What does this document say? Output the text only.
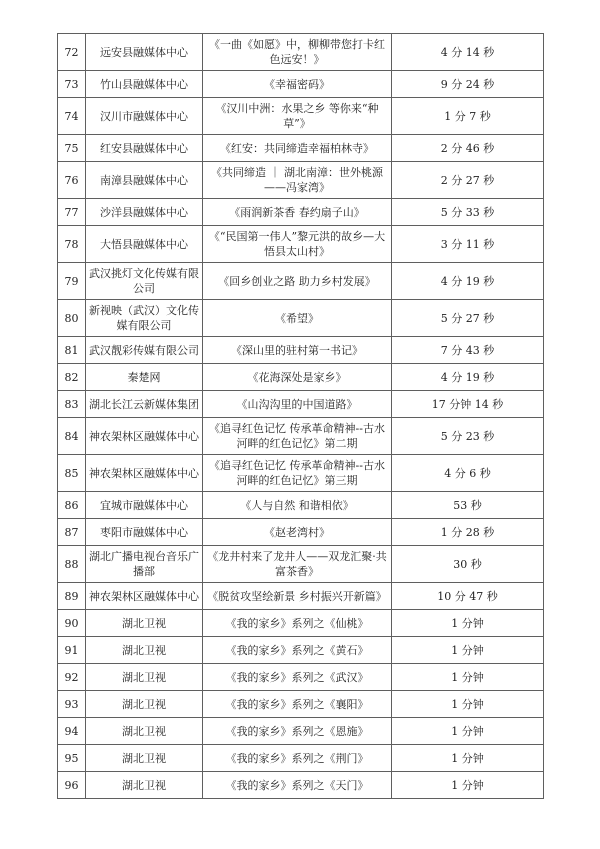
72	远安县融媒体中心	《一曲《如愿》中，柳柳带您打卡红色远安！》	4 分 14 秒
73	竹山县融媒体中心	《幸福密码》	9 分 24 秒
74	汉川市融媒体中心	《汉川中洲：水果之乡 等你来“种草”》	1 分 7 秒
75	红安县融媒体中心	《红安：共同缔造幸福柏林寺》	2 分 46 秒
76	南漳县融媒体中心	《共同缔造 ｜ 湖北南漳：世外桃源——冯家湾》	2 分 27 秒
77	沙洋县融媒体中心	《雨润新茶香 春约扇子山》	5 分 33 秒
78	大悟县融媒体中心	《“民国第一伟人”黎元洪的故乡—大悟县太山村》	3 分 11 秒
79	武汉挑灯文化传媒有限公司	《回乡创业之路 助力乡村发展》	4 分 19 秒
80	新视映（武汉）文化传媒有限公司	《希望》	5 分 27 秒
81	武汉靓彩传媒有限公司	《深山里的驻村第一书记》	7 分 43 秒
82	秦楚网	《花海深处是家乡》	4 分 19 秒
83	湖北长江云新媒体集团	《山沟沟里的中国道路》	17 分钟 14 秒
84	神农架林区融媒体中心	《追寻红色记忆 传承革命精神--古水河畔的红色记忆》第二期	5 分 23 秒
85	神农架林区融媒体中心	《追寻红色记忆 传承革命精神--古水河畔的红色记忆》第三期	4 分 6 秒
86	宜城市融媒体中心	《人与自然 和谐相依》	53 秒
87	枣阳市融媒体中心	《赵老湾村》	1 分 28 秒
88	湖北广播电视台音乐广播部	《龙井村来了龙井人——双龙汇聚·共富茶香》	30 秒
89	神农架林区融媒体中心	《脱贫攻坚绘新景 乡村振兴开新篇》	10 分 47 秒
90	湖北卫视	《我的家乡》系列之《仙桃》	1 分钟
91	湖北卫视	《我的家乡》系列之《黄石》	1 分钟
92	湖北卫视	《我的家乡》系列之《武汉》	1 分钟
93	湖北卫视	《我的家乡》系列之《襄阳》	1 分钟
94	湖北卫视	《我的家乡》系列之《恩施》	1 分钟
95	湖北卫视	《我的家乡》系列之《荆门》	1 分钟
96	湖北卫视	《我的家乡》系列之《天门》	1 分钟
